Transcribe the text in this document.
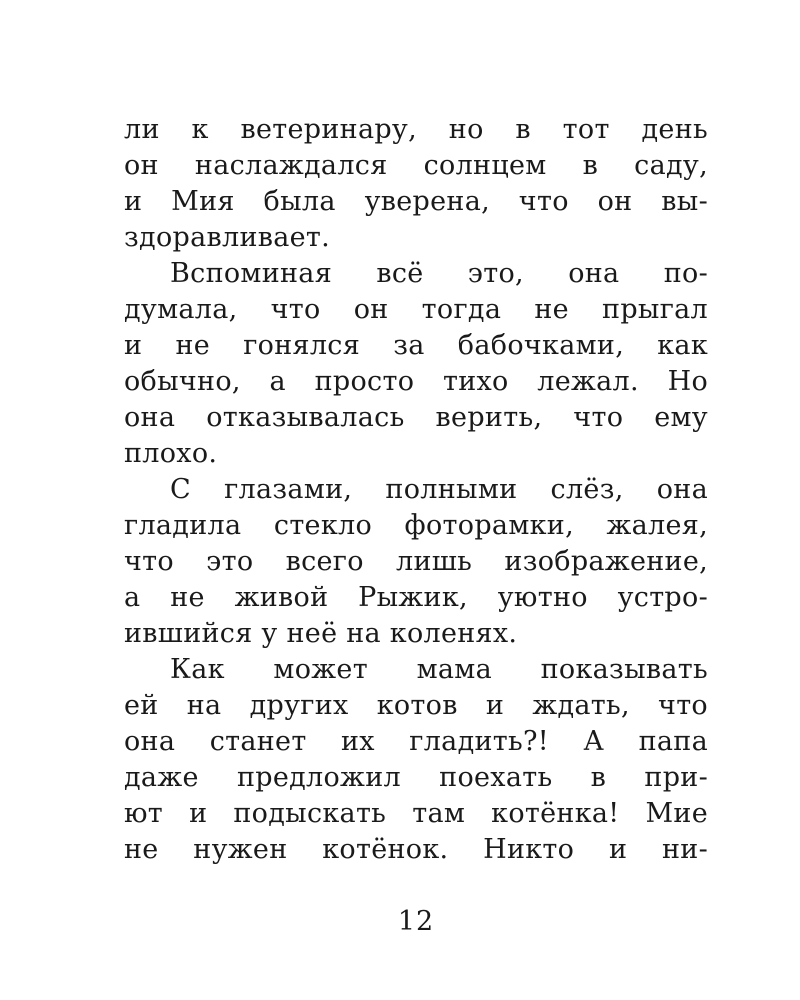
ли к ветеринару, но в тот день
он наслаждался солнцем в саду,
и Мия была уверена, что он вы-
здоравливает.
Вспоминая всё это, она по-
думала, что он тогда не прыгал
и не гонялся за бабочками, как
обычно, а просто тихо лежал. Но
она отказывалась верить, что ему
плохо.
С глазами, полными слёз, она
гладила стекло фоторамки, жалея,
что это всего лишь изображение,
а не живой Рыжик, уютно устро-
ившийся у неё на коленях.
Как может мама показывать
ей на других котов и ждать, что
она станет их гладить?! А папа
даже предложил поехать в при-
ют и подыскать там котёнка! Мие
не нужен котёнок. Никто и ни-
12
